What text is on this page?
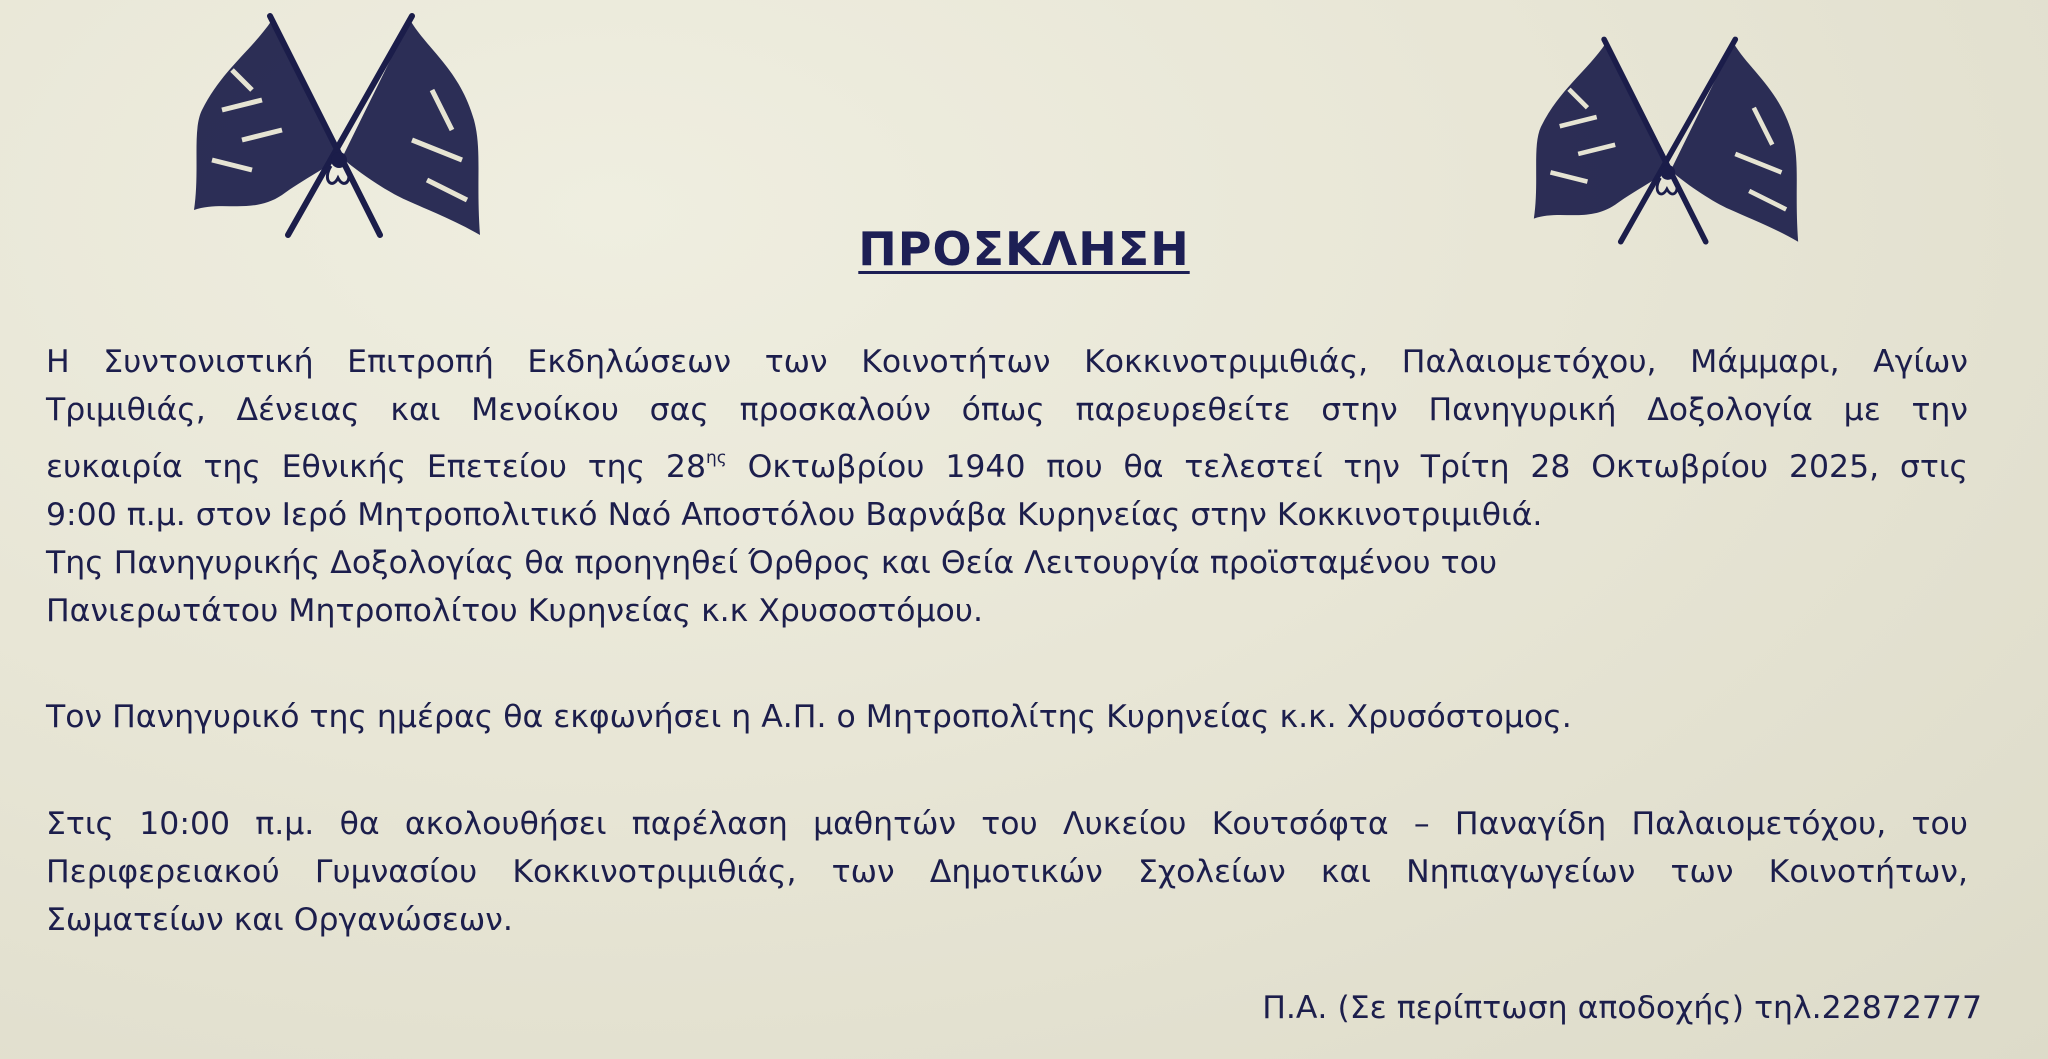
ΠΡΟΣΚΛΗΣΗ
Η Συντονιστική Επιτροπή Εκδηλώσεων των Κοινοτήτων Κοκκινοτριμιθιάς, Παλαιομετόχου, Μάμμαρι, Αγίων
Τριμιθιάς, Δένειας και Μενοίκου σας προσκαλούν όπως παρευρεθείτε στην Πανηγυρική Δοξολογία με την
ευκαιρία της Εθνικής Επετείου της $28^{\eta\varsigma}$ Οκτωβρίου 1940 που θα τελεστεί την Τρίτη 28 Οκτωβρίου 2025, στις
9:00 π.μ. στον Ιερό Μητροπολιτικό Ναό Αποστόλου Βαρνάβα Κυρηνείας στην Κοκκινοτριμιθιά.
Της Πανηγυρικής Δοξολογίας θα προηγηθεί Όρθρος και Θεία Λειτουργία προϊσταμένου του
Πανιερωτάτου Μητροπολίτου Κυρηνείας κ.κ Χρυσοστόμου.

Τον Πανηγυρικό της ημέρας θα εκφωνήσει η Α.Π. ο Μητροπολίτης Κυρηνείας κ.κ. Χρυσόστομος.

Στις 10:00 π.μ. θα ακολουθήσει παρέλαση μαθητών του Λυκείου Κουτσόφτα – Παναγίδη Παλαιομετόχου, του
Περιφερειακού Γυμνασίου Κοκκινοτριμιθιάς, των Δημοτικών Σχολείων και Νηπιαγωγείων των Κοινοτήτων,
Σωματείων και Οργανώσεων.
Π.Α. (Σε περίπτωση αποδοχής) τηλ.22872777
